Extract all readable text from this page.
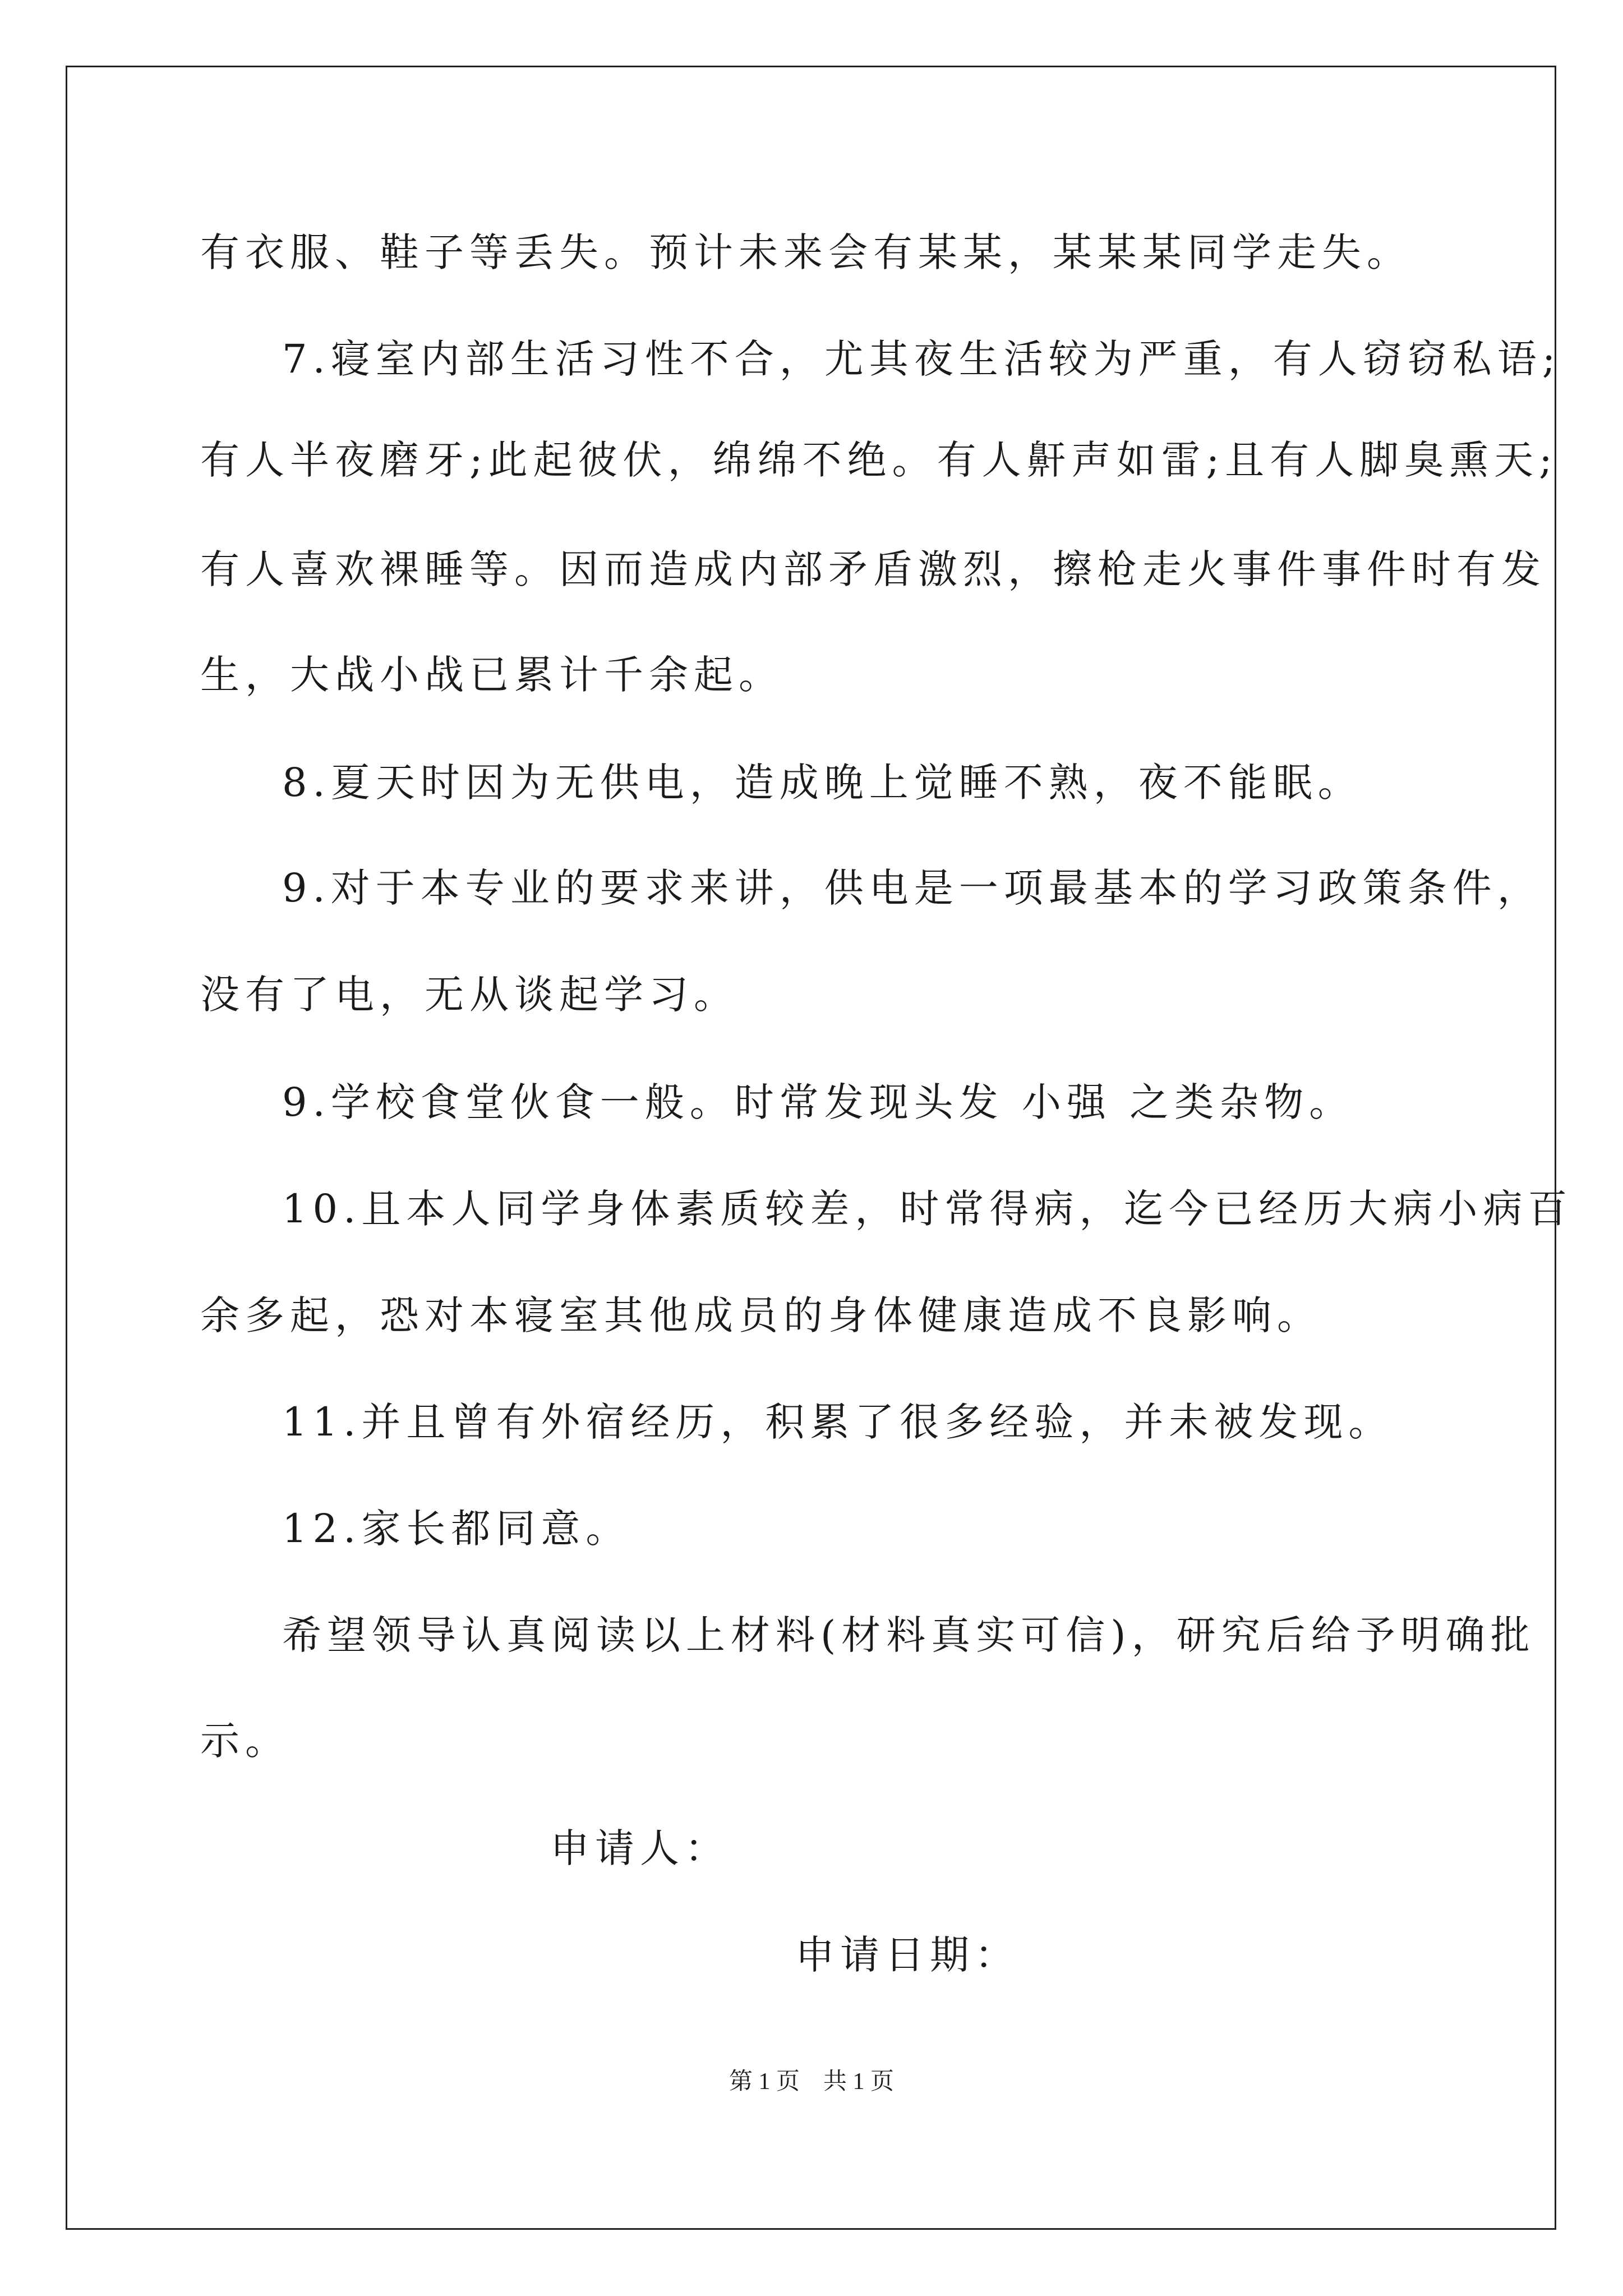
有衣服、鞋子等丢失。预计未来会有某某，某某某同学走失。
7.寝室内部生活习性不合，尤其夜生活较为严重，有人窃窃私语;
有人半夜磨牙;此起彼伏，绵绵不绝。有人鼾声如雷;且有人脚臭熏天;
有人喜欢裸睡等。因而造成内部矛盾激烈，擦枪走火事件事件时有发
生，大战小战已累计千余起。
8.夏天时因为无供电，造成晚上觉睡不熟，夜不能眠。
9.对于本专业的要求来讲，供电是一项最基本的学习政策条件，
没有了电，无从谈起学习。
9.学校食堂伙食一般。时常发现头发 小强 之类杂物。
10.且本人同学身体素质较差，时常得病，迄今已经历大病小病百
余多起，恐对本寝室其他成员的身体健康造成不良影响。
11.并且曾有外宿经历，积累了很多经验，并未被发现。
12.家长都同意。
希望领导认真阅读以上材料(材料真实可信)，研究后给予明确批
示。
申请人：
申请日期：
第 1 页    共 1 页
